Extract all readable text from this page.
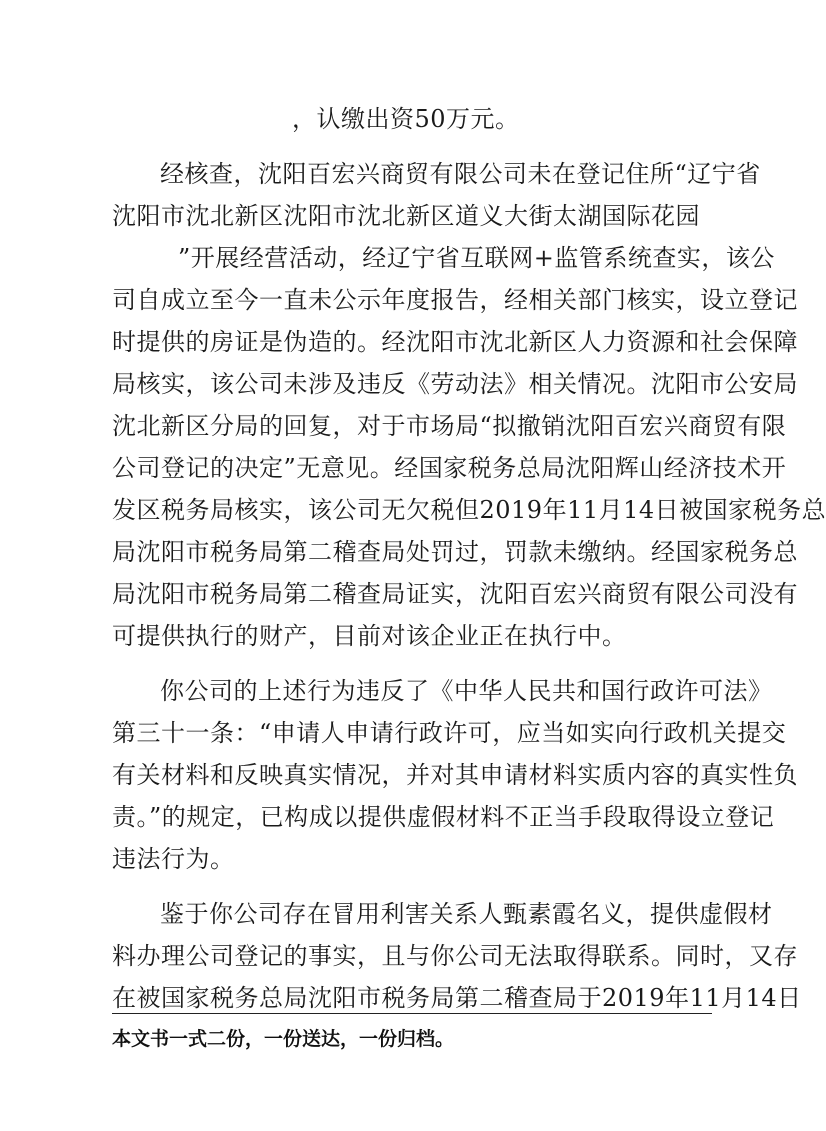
，认缴出资50万元。
经核查，沈阳百宏兴商贸有限公司未在登记住所“辽宁省
沈阳市沈北新区沈阳市沈北新区道义大街太湖国际花园
”开展经营活动，经辽宁省互联网+监管系统查实，该公
司自成立至今一直未公示年度报告，经相关部门核实，设立登记
时提供的房证是伪造的。经沈阳市沈北新区人力资源和社会保障
局核实，该公司未涉及违反《劳动法》相关情况。沈阳市公安局
沈北新区分局的回复，对于市场局“拟撤销沈阳百宏兴商贸有限
公司登记的决定”无意见。经国家税务总局沈阳辉山经济技术开
发区税务局核实，该公司无欠税但2019年11月14日被国家税务总
局沈阳市税务局第二稽查局处罚过，罚款未缴纳。经国家税务总
局沈阳市税务局第二稽查局证实，沈阳百宏兴商贸有限公司没有
可提供执行的财产，目前对该企业正在执行中。
你公司的上述行为违反了《中华人民共和国行政许可法》
第三十一条：“申请人申请行政许可，应当如实向行政机关提交
有关材料和反映真实情况，并对其申请材料实质内容的真实性负
责。”的规定，已构成以提供虚假材料不正当手段取得设立登记
违法行为。
鉴于你公司存在冒用利害关系人甄素霞名义，提供虚假材
料办理公司登记的事实，且与你公司无法取得联系。同时，又存
在被国家税务总局沈阳市税务局第二稽查局于2019年11月14日
本文书一式二份，一份送达，一份归档。
